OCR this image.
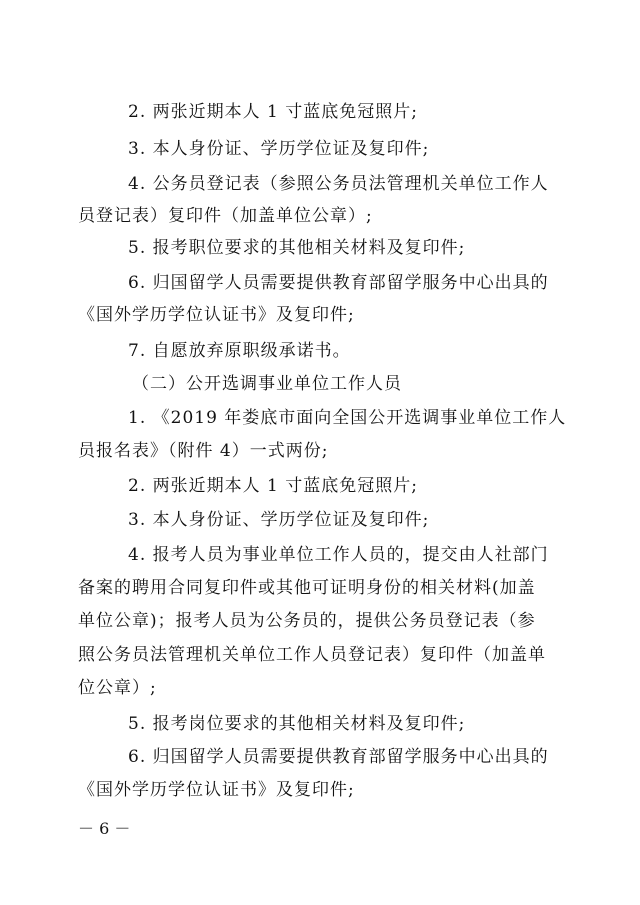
2. 两张近期本人 1 寸蓝底免冠照片;
3. 本人身份证、学历学位证及复印件;
4. 公务员登记表（参照公务员法管理机关单位工作人
员登记表）复印件（加盖单位公章）;
5. 报考职位要求的其他相关材料及复印件;
6. 归国留学人员需要提供教育部留学服务中心出具的
《国外学历学位认证书》及复印件;
7. 自愿放弃原职级承诺书。
（二）公开选调事业单位工作人员
1. 《2019 年娄底市面向全国公开选调事业单位工作人
员报名表》（附件 4）一式两份;
2. 两张近期本人 1 寸蓝底免冠照片;
3. 本人身份证、学历学位证及复印件;
4. 报考人员为事业单位工作人员的，提交由人社部门
备案的聘用合同复印件或其他可证明身份的相关材料(加盖
单位公章)；报考人员为公务员的，提供公务员登记表（参
照公务员法管理机关单位工作人员登记表）复印件（加盖单
位公章）;
5. 报考岗位要求的其他相关材料及复印件;
6. 归国留学人员需要提供教育部留学服务中心出具的
《国外学历学位认证书》及复印件;
－ 6 －
